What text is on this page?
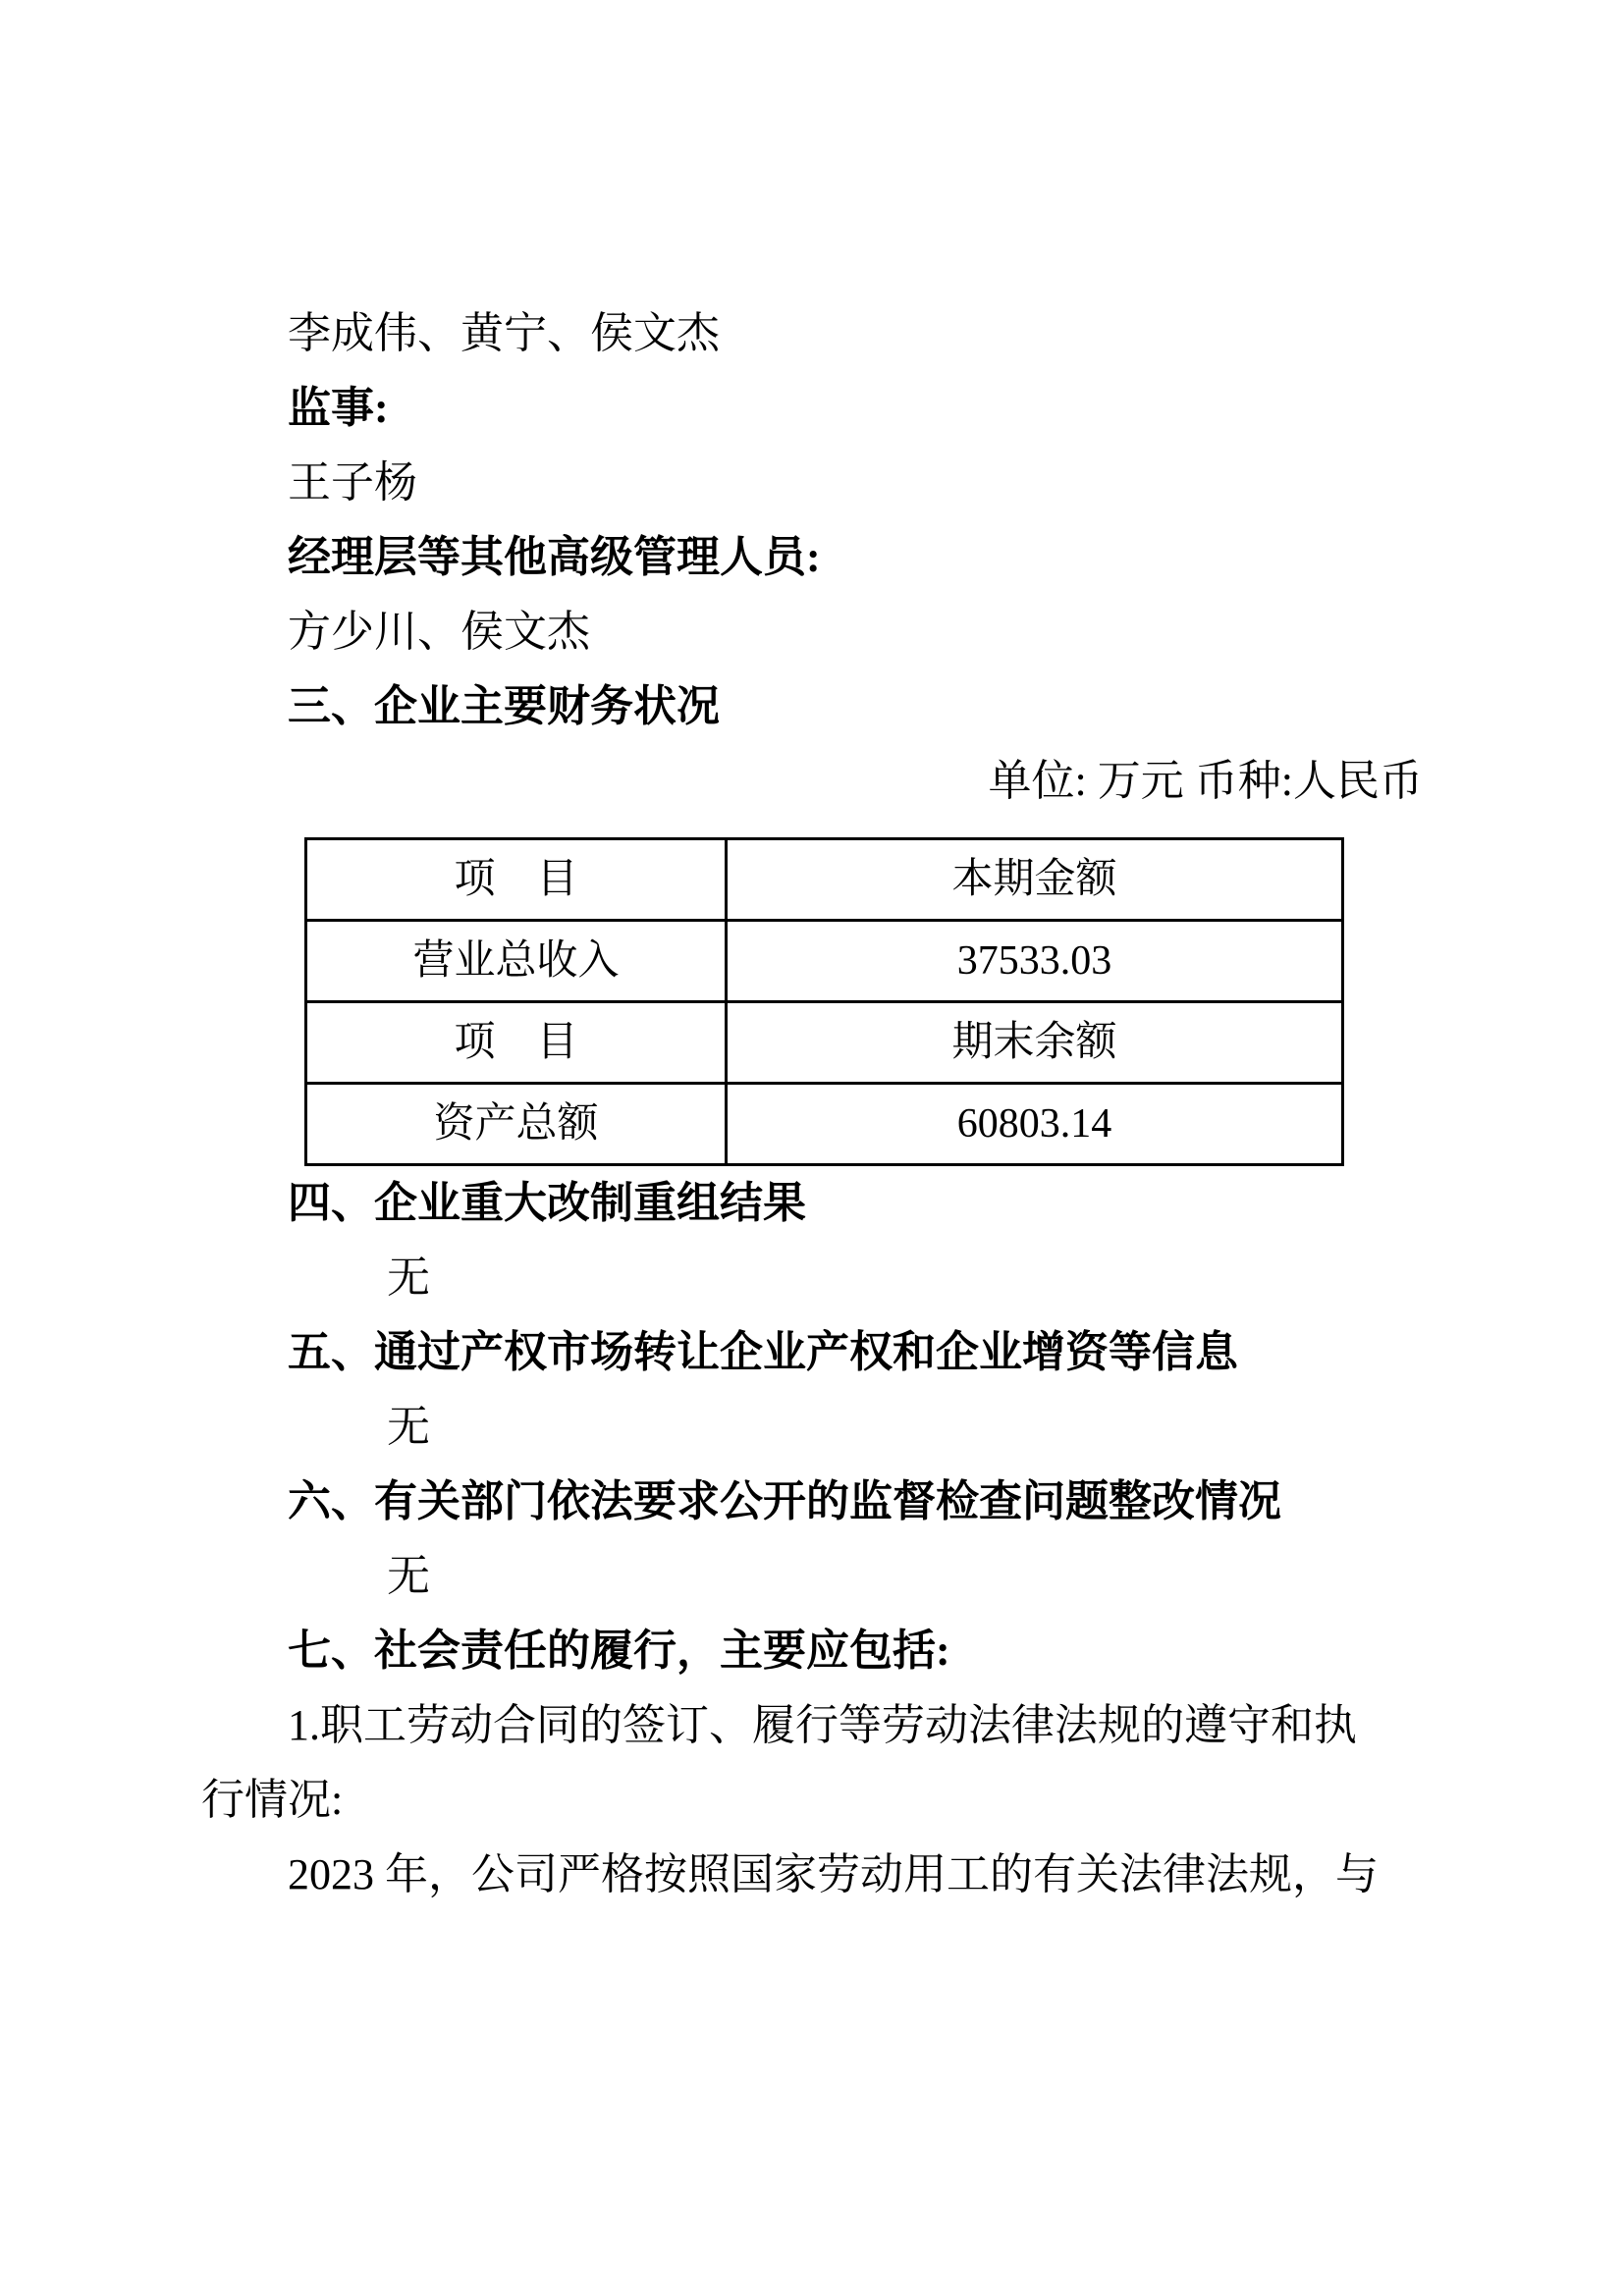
李成伟、黄宁、侯文杰

监事:

王子杨

经理层等其他高级管理人员:

方少川、侯文杰

三、企业主要财务状况

单位: 万元 币种:人民币

项　目	本期金额
营业总收入	37533.03
项　目	期末余额
资产总额	60803.14

四、企业重大改制重组结果

无

五、通过产权市场转让企业产权和企业增资等信息

无

六、有关部门依法要求公开的监督检查问题整改情况

无

七、社会责任的履行，主要应包括:

1.职工劳动合同的签订、履行等劳动法律法规的遵守和执

行情况:

2023 年，公司严格按照国家劳动用工的有关法律法规，与
